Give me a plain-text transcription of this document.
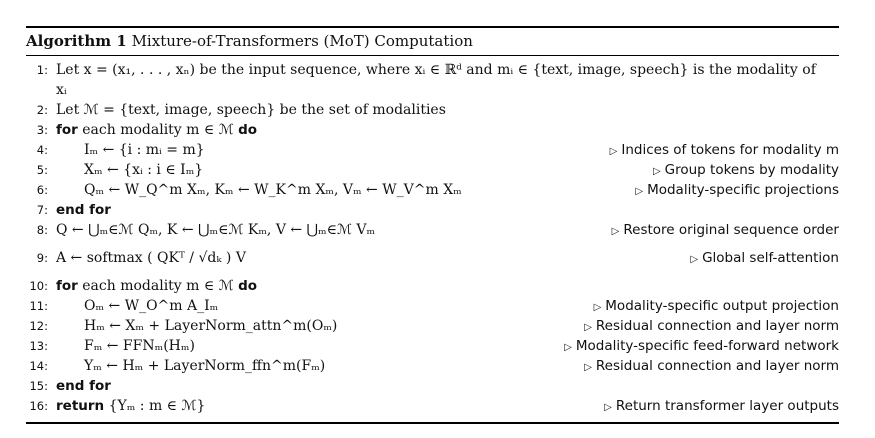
Algorithm 1 Mixture-of-Transformers (MoT) Computation
1: Let x = (x₁, . . . , xₙ) be the input sequence, where xᵢ ∈ ℝᵈ and mᵢ ∈ {text, image, speech} is the modality of
xᵢ
2: Let ℳ = {text, image, speech} be the set of modalities
3: for each modality m ∈ ℳ do
4:	Iₘ ← {i : mᵢ = m}	▷ Indices of tokens for modality m
5:	Xₘ ← {xᵢ : i ∈ Iₘ}	▷ Group tokens by modality
6:	Qₘ ← W_Q^m Xₘ, Kₘ ← W_K^m Xₘ, Vₘ ← W_V^m Xₘ	▷ Modality-specific projections
7: end for
8: Q ← ⋃ₘ∈ℳ Qₘ, K ← ⋃ₘ∈ℳ Kₘ, V ← ⋃ₘ∈ℳ Vₘ	▷ Restore original sequence order
9: A ← softmax ( QKᵀ / √dₖ ) V	▷ Global self-attention
10: for each modality m ∈ ℳ do
11:	Oₘ ← W_O^m A_Iₘ	▷ Modality-specific output projection
12:	Hₘ ← Xₘ + LayerNorm_attn^m(Oₘ)	▷ Residual connection and layer norm
13:	Fₘ ← FFNₘ(Hₘ)	▷ Modality-specific feed-forward network
14:	Yₘ ← Hₘ + LayerNorm_ffn^m(Fₘ)	▷ Residual connection and layer norm
15: end for
16: return {Yₘ : m ∈ ℳ}	▷ Return transformer layer outputs
